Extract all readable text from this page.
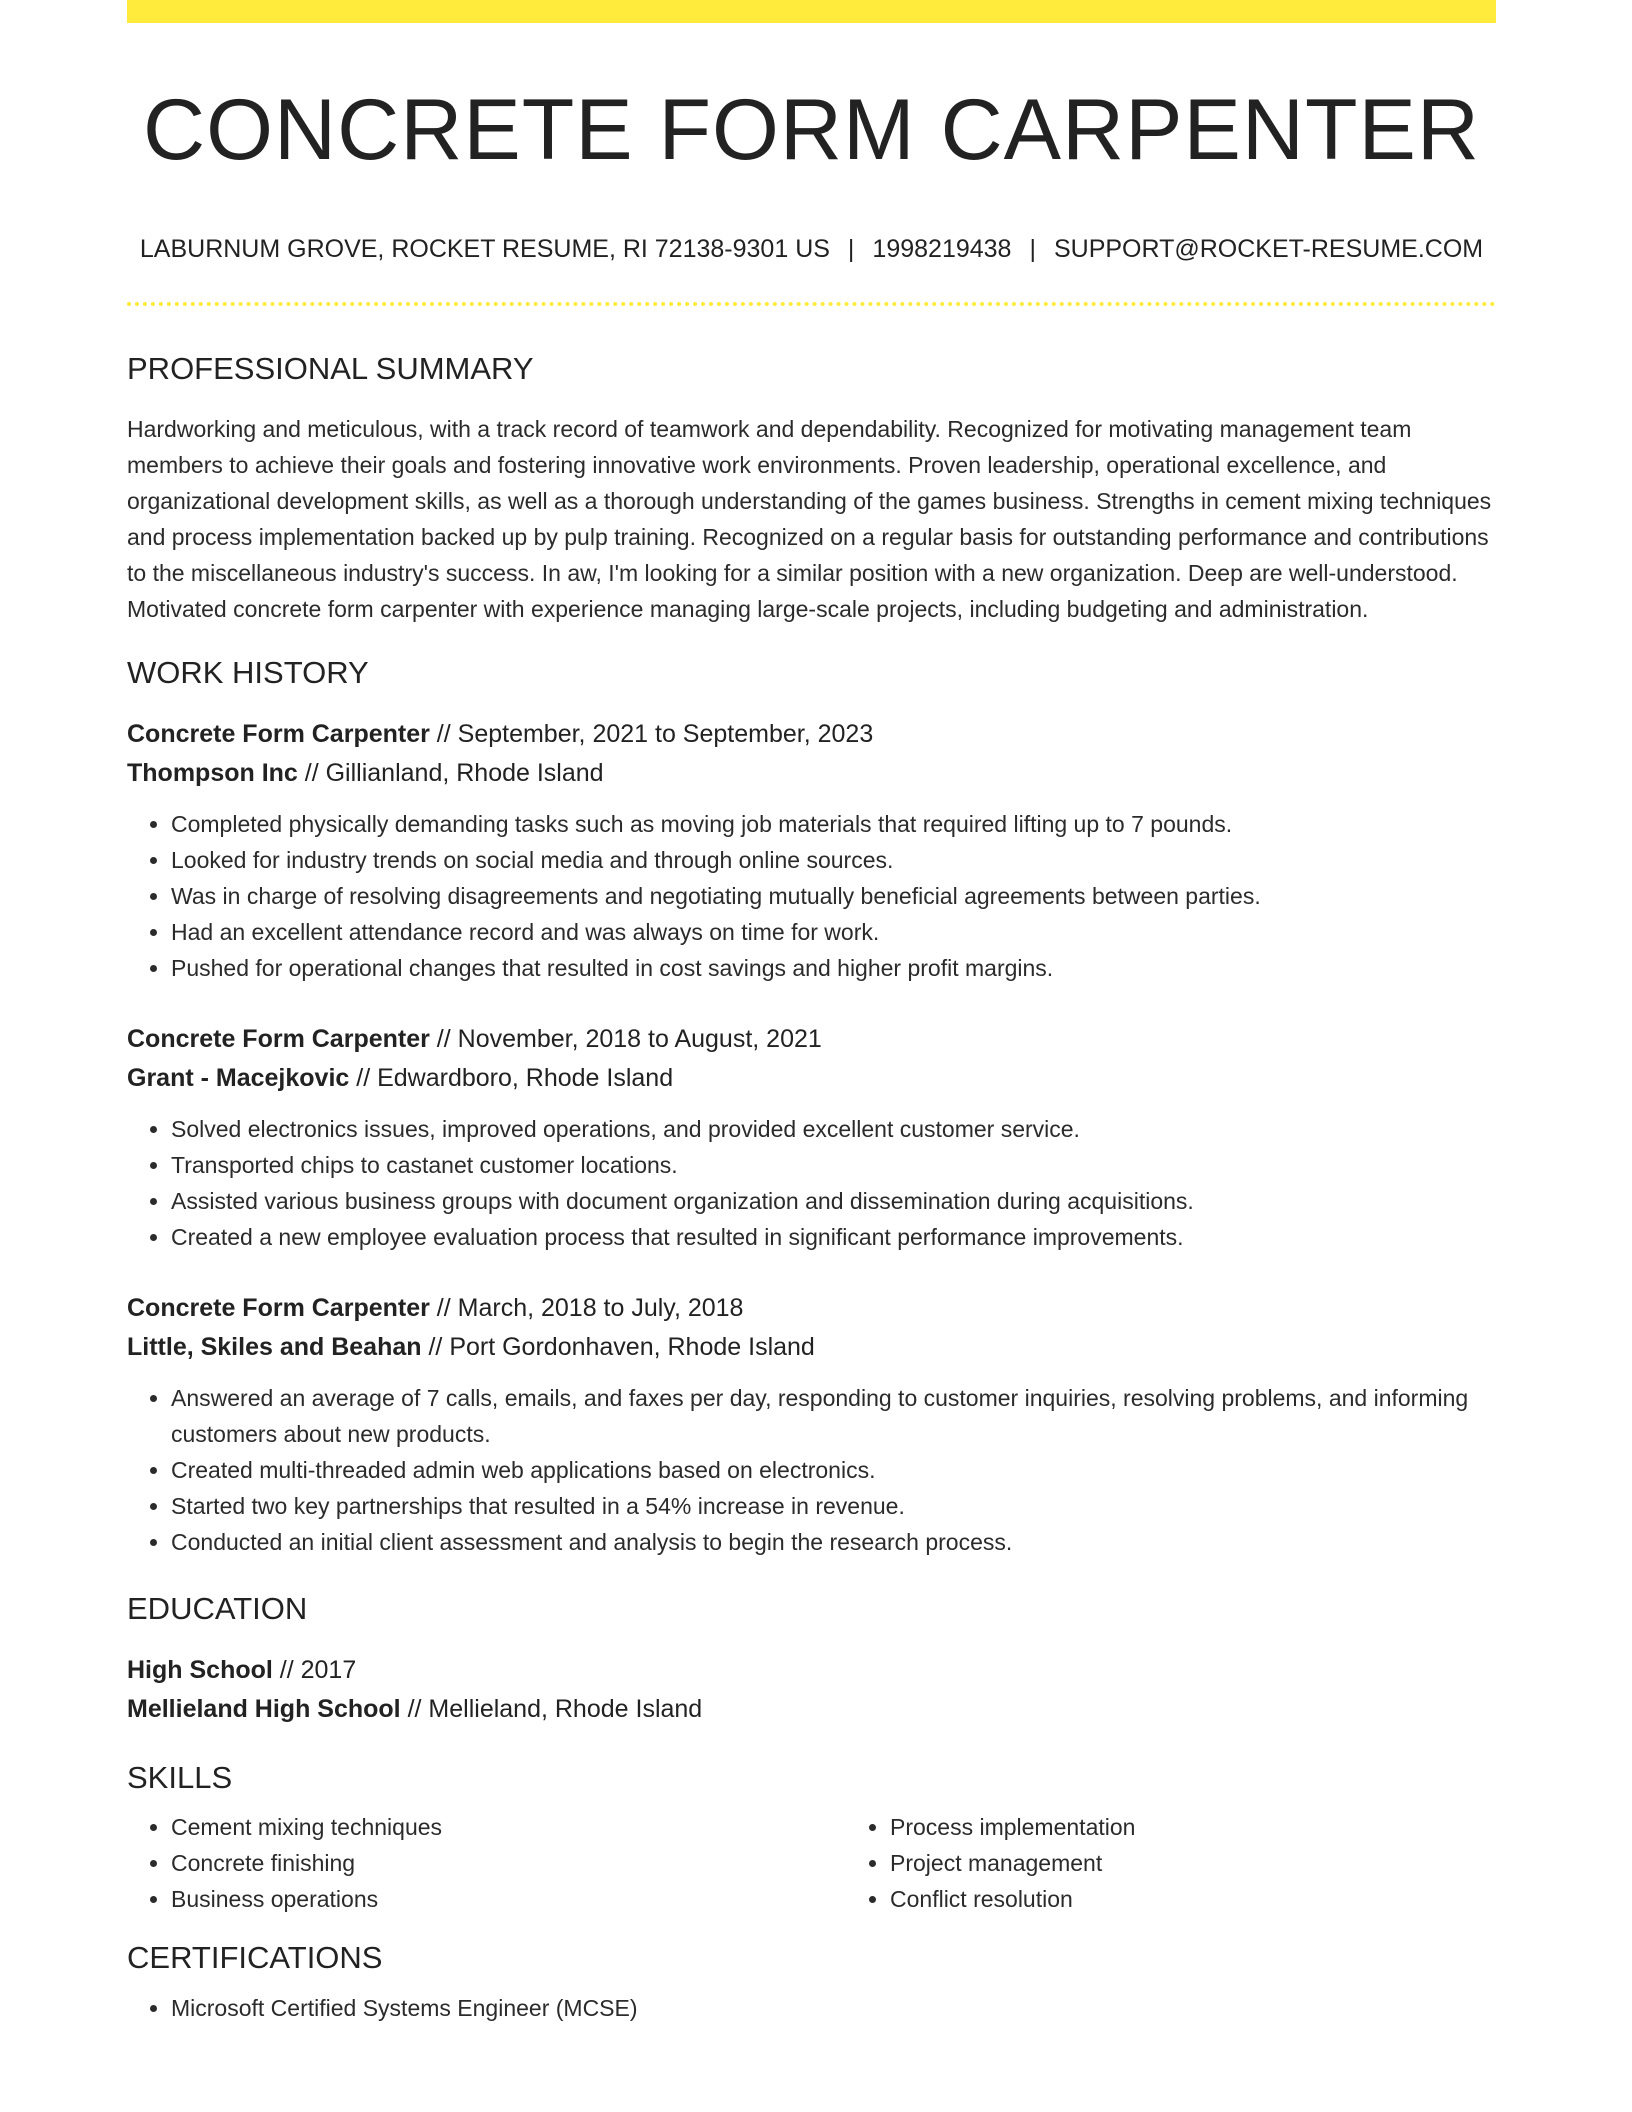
CONCRETE FORM CARPENTER
LABURNUM GROVE, ROCKET RESUME, RI 72138-9301 US | 1998219438 | SUPPORT@ROCKET-RESUME.COM
PROFESSIONAL SUMMARY

Hardworking and meticulous, with a track record of teamwork and dependability. Recognized for motivating management team members to achieve their goals and fostering innovative work environments. Proven leadership, operational excellence, and organizational development skills, as well as a thorough understanding of the games business. Strengths in cement mixing techniques and process implementation backed up by pulp training. Recognized on a regular basis for outstanding performance and contributions to the miscellaneous industry's success. In aw, I'm looking for a similar position with a new organization. Deep are well-understood. Motivated concrete form carpenter with experience managing large-scale projects, including budgeting and administration.

WORK HISTORY
Concrete Form Carpenter // September, 2021 to September, 2023
Thompson Inc // Gillianland, Rhode Island
• Completed physically demanding tasks such as moving job materials that required lifting up to 7 pounds.
• Looked for industry trends on social media and through online sources.
• Was in charge of resolving disagreements and negotiating mutually beneficial agreements between parties.
• Had an excellent attendance record and was always on time for work.
• Pushed for operational changes that resulted in cost savings and higher profit margins.
Concrete Form Carpenter // November, 2018 to August, 2021
Grant - Macejkovic // Edwardboro, Rhode Island
• Solved electronics issues, improved operations, and provided excellent customer service.
• Transported chips to castanet customer locations.
• Assisted various business groups with document organization and dissemination during acquisitions.
• Created a new employee evaluation process that resulted in significant performance improvements.
Concrete Form Carpenter // March, 2018 to July, 2018
Little, Skiles and Beahan // Port Gordonhaven, Rhode Island
• Answered an average of 7 calls, emails, and faxes per day, responding to customer inquiries, resolving problems, and informing customers about new products.
• Created multi-threaded admin web applications based on electronics.
• Started two key partnerships that resulted in a 54% increase in revenue.
• Conducted an initial client assessment and analysis to begin the research process.
EDUCATION
High School // 2017
Mellieland High School // Mellieland, Rhode Island
SKILLS
• Cement mixing techniques
• Concrete finishing
• Business operations
• Process implementation
• Project management
• Conflict resolution
CERTIFICATIONS
• Microsoft Certified Systems Engineer (MCSE)
